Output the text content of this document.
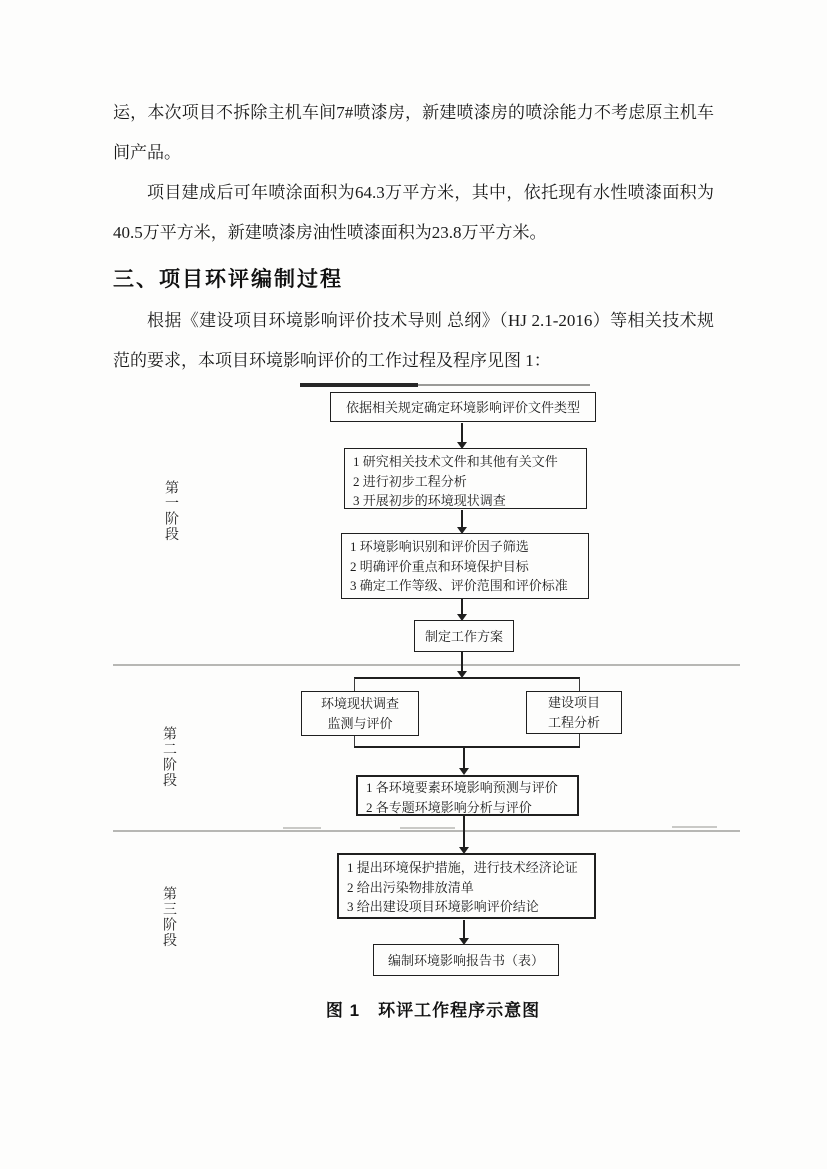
运，本次项目不拆除主机车间7#喷漆房，新建喷漆房的喷涂能力不考虑原主机车间产品。

项目建成后可年喷涂面积为64.3万平方米，其中，依托现有水性喷漆面积为40.5万平方米，新建喷漆房油性喷漆面积为23.8万平方米。

三、项目环评编制过程

根据《建设项目环境影响评价技术导则 总纲》（HJ 2.1-2016）等相关技术规范的要求，本项目环境影响评价的工作过程及程序见图 1：

第一阶段
第二阶段
第三阶段
依据相关规定确定环境影响评价文件类型
1 研究相关技术文件和其他有关文件
2 进行初步工程分析
3 开展初步的环境现状调查
1 环境影响识别和评价因子筛选
2 明确评价重点和环境保护目标
3 确定工作等级、评价范围和评价标准
制定工作方案
环境现状调查
监测与评价
建设项目
工程分析
1 各环境要素环境影响预测与评价
2 各专题环境影响分析与评价
1 提出环境保护措施，进行技术经济论证
2 给出污染物排放清单
3 给出建设项目环境影响评价结论
编制环境影响报告书（表）
图 1　环评工作程序示意图
